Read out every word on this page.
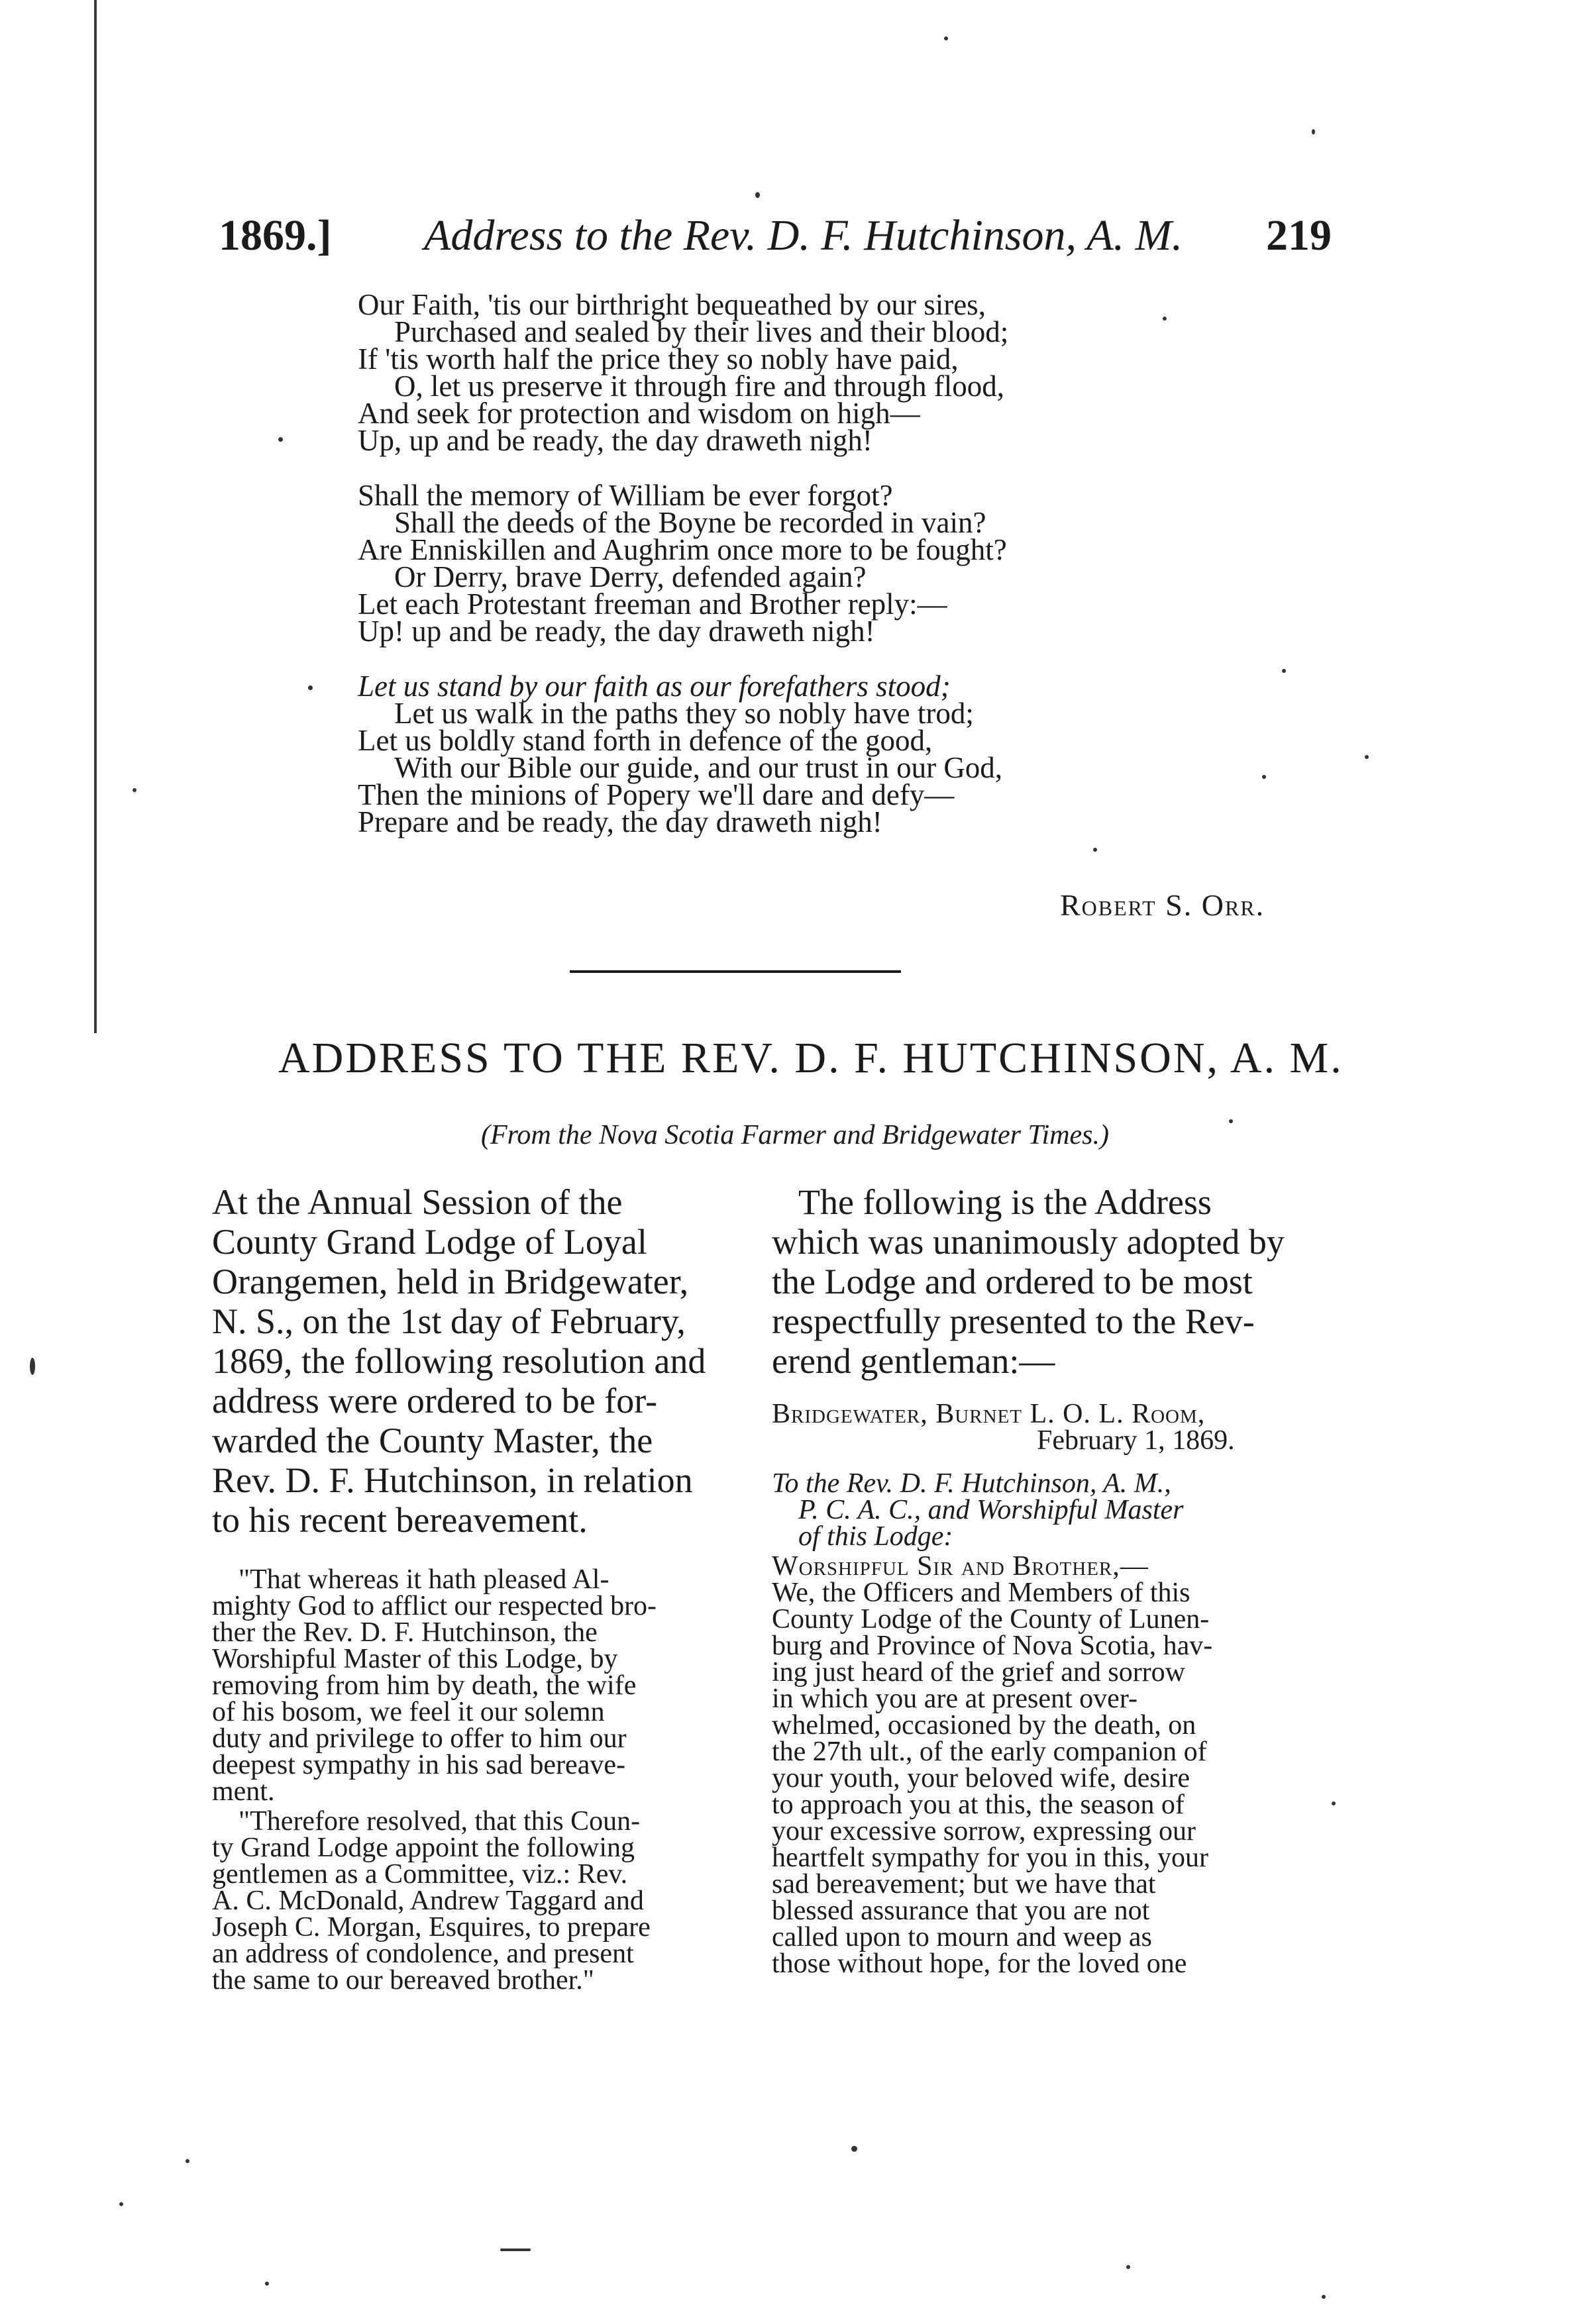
1869.] Address to the Rev. D. F. Hutchinson, A. M. 219
Our Faith, 'tis our birthright bequeathed by our sires,
Purchased and sealed by their lives and their blood;
If 'tis worth half the price they so nobly have paid,
O, let us preserve it through fire and through flood,
And seek for protection and wisdom on high—
Up, up and be ready, the day draweth nigh!
Shall the memory of William be ever forgot?
Shall the deeds of the Boyne be recorded in vain?
Are Enniskillen and Aughrim once more to be fought?
Or Derry, brave Derry, defended again?
Let each Protestant freeman and Brother reply:—
Up! up and be ready, the day draweth nigh!
Let us stand by our faith as our forefathers stood;
Let us walk in the paths they so nobly have trod;
Let us boldly stand forth in defence of the good,
With our Bible our guide, and our trust in our God,
Then the minions of Popery we'll dare and defy—
Prepare and be ready, the day draweth nigh!
Robert S. Orr.
ADDRESS TO THE REV. D. F. HUTCHINSON, A. M.
(From the Nova Scotia Farmer and Bridgewater Times.)
At the Annual Session of the
County Grand Lodge of Loyal
Orangemen, held in Bridgewater,
N. S., on the 1st day of February,
1869, the following resolution and
address were ordered to be for-
warded the County Master, the
Rev. D. F. Hutchinson, in relation
to his recent bereavement.
"That whereas it hath pleased Al-
mighty God to afflict our respected bro-
ther the Rev. D. F. Hutchinson, the
Worshipful Master of this Lodge, by
removing from him by death, the wife
of his bosom, we feel it our solemn
duty and privilege to offer to him our
deepest sympathy in his sad bereave-
ment.
"Therefore resolved, that this Coun-
ty Grand Lodge appoint the following
gentlemen as a Committee, viz.: Rev.
A. C. McDonald, Andrew Taggard and
Joseph C. Morgan, Esquires, to prepare
an address of condolence, and present
the same to our bereaved brother."
The following is the Address
which was unanimously adopted by
the Lodge and ordered to be most
respectfully presented to the Rev-
erend gentleman:—
Bridgewater, Burnet L. O. L. Room,
February 1, 1869.
To the Rev. D. F. Hutchinson, A. M.,
P. C. A. C., and Worshipful Master
of this Lodge:
Worshipful Sir and Brother,—
We, the Officers and Members of this
County Lodge of the County of Lunen-
burg and Province of Nova Scotia, hav-
ing just heard of the grief and sorrow
in which you are at present over-
whelmed, occasioned by the death, on
the 27th ult., of the early companion of
your youth, your beloved wife, desire
to approach you at this, the season of
your excessive sorrow, expressing our
heartfelt sympathy for you in this, your
sad bereavement; but we have that
blessed assurance that you are not
called upon to mourn and weep as
those without hope, for the loved one
